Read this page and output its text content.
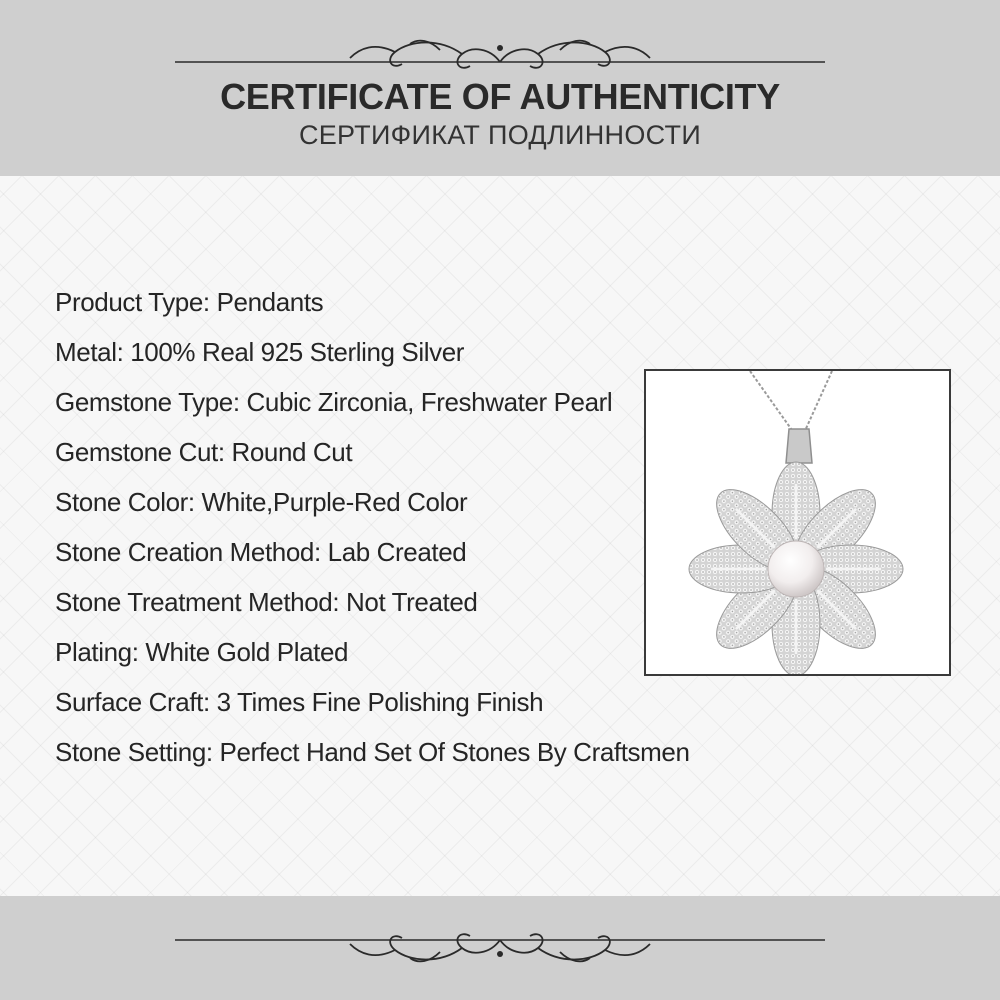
CERTIFICATE OF AUTHENTICITY
СЕРТИФИКАТ ПОДЛИННОСТИ
Product Type: Pendants
Metal: 100% Real 925 Sterling Silver
Gemstone Type: Cubic Zirconia, Freshwater Pearl
Gemstone Cut: Round Cut
Stone Color: White,Purple-Red Color
Stone Creation Method: Lab Created
Stone Treatment Method: Not Treated
Plating: White Gold Plated
Surface Craft: 3 Times Fine Polishing Finish
Stone Setting: Perfect Hand Set Of Stones By Craftsmen
